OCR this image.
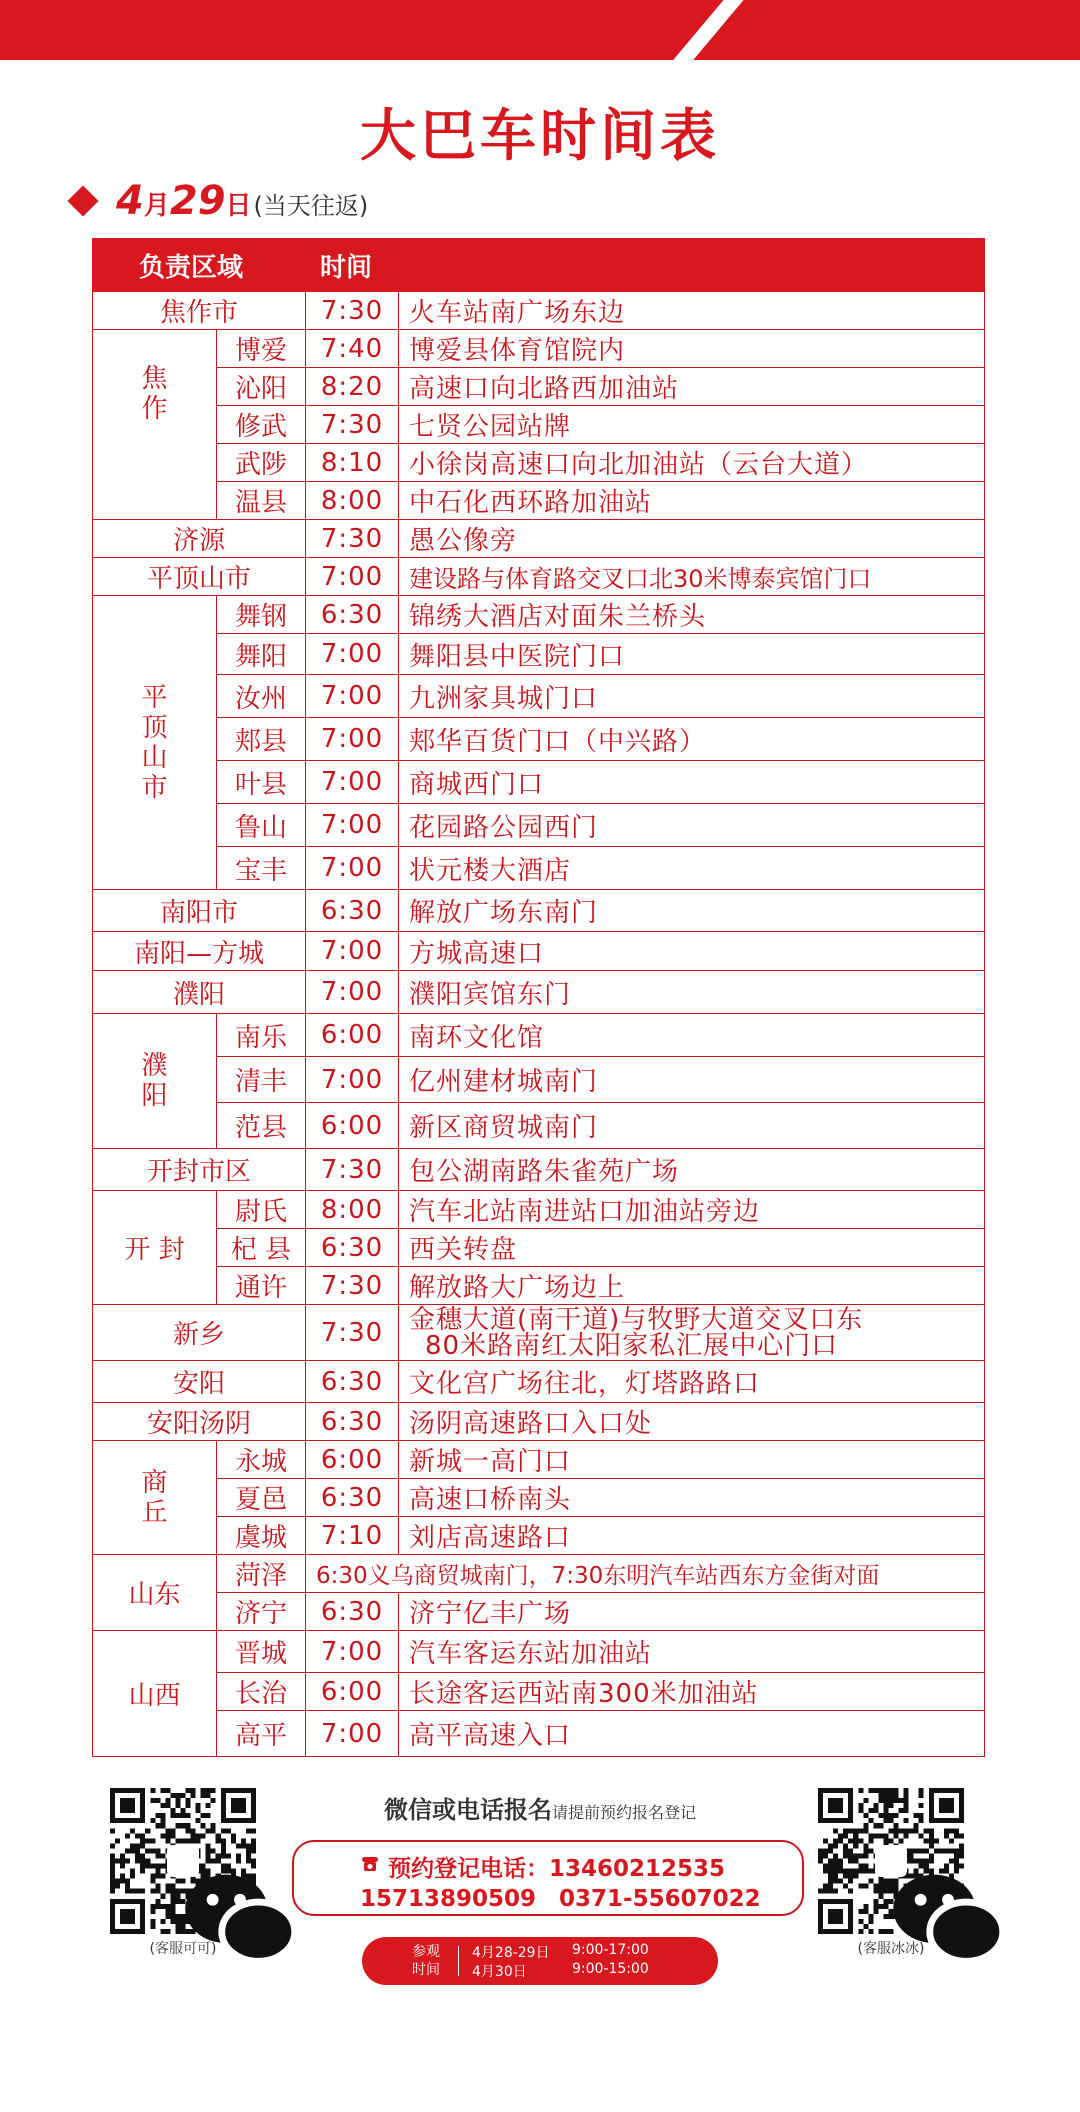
大巴车时间表
4月29日 (当天往返)
负责区域		时间	
焦作市		7:30	火车站南广场东边

焦作	博爱	7:40	博爱县体育馆院内
	沁阳	8:20	高速口向北路西加油站
	修武	7:30	七贤公园站牌
	武陟	8:10	小徐岗高速口向北加油站（云台大道）
	温县	8:00	中石化西环路加油站
济源		7:30	愚公像旁
平顶山市		7:00	建设路与体育路交叉口北30米博泰宾馆门口

平顶山市	舞钢	6:30	锦绣大酒店对面朱兰桥头
	舞阳	7:00	舞阳县中医院门口
	汝州	7:00	九洲家具城门口
	郏县	7:00	郏华百货门口（中兴路）
	叶县	7:00	商城西门口
	鲁山	7:00	花园路公园西门
	宝丰	7:00	状元楼大酒店
南阳市		6:30	解放广场东南门
南阳—方城		7:00	方城高速口
濮阳		7:00	濮阳宾馆东门

濮阳	南乐	6:00	南环文化馆
	清丰	7:00	亿州建材城南门
	范县	6:00	新区商贸城南门
开封市区		7:30	包公湖南路朱雀苑广场
开 封	尉氏	8:00	汽车北站南进站口加油站旁边
	杞 县	6:30	西关转盘
	通许	7:30	解放路大广场边上
新乡		7:30	金穗大道(南干道)与牧野大道交叉口东
80米路南红太阳家私汇展中心门口

安阳		6:30	文化宫广场往北，灯塔路路口
安阳汤阴		6:30	汤阴高速路口入口处

商丘	永城	6:00	新城一高门口
	夏邑	6:30	高速口桥南头
	虞城	7:10	刘店高速路口
山东	菏泽	6:30义乌商贸城南门，7:30东明汽车站西东方金街对面	
	济宁	6:30	济宁亿丰广场
山西	晋城	7:00	汽车客运东站加油站
	长治	6:00	长途客运西站南300米加油站
	高平	7:00	高平高速入口
(客服可可)	(客服冰冰)
微信或电话报名请提前预约报名登记
预约登记电话：13460212535
15713890509　0371-55607022
参观
时间
4月28-29日 9:00-17:00
4月30日	9:00-15:00
